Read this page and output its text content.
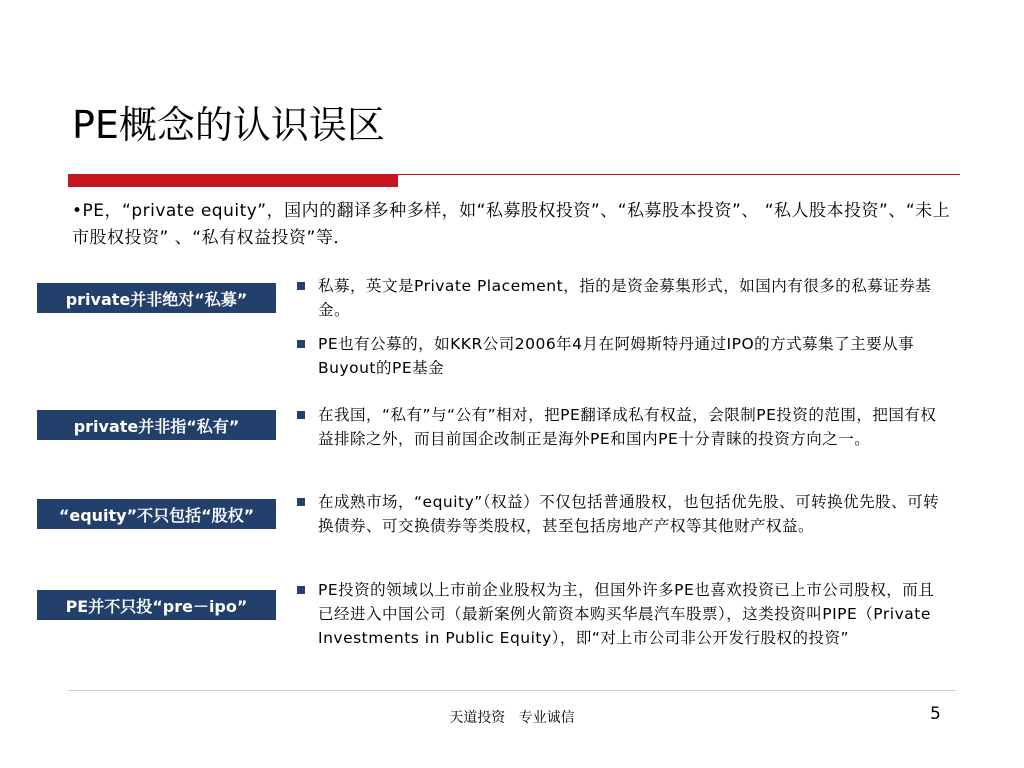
PE概念的认识误区
•PE，“private equity”，国内的翻译多种多样，如“私募股权投资”、“私募股本投资”、 “私人股本投资”、“未上市股权投资” 、“私有权益投资”等．
private并非绝对“私募”
私募，英文是Private Placement，指的是资金募集形式，如国内有很多的私募证券基金。
PE也有公募的，如KKR公司2006年4月在阿姆斯特丹通过IPO的方式募集了主要从事Buyout的PE基金
private并非指“私有”
在我国，“私有”与“公有”相对，把PE翻译成私有权益，会限制PE投资的范围，把国有权益排除之外，而目前国企改制正是海外PE和国内PE十分青睐的投资方向之一。
“equity”不只包括“股权”
在成熟市场，“equity”（权益）不仅包括普通股权，也包括优先股、可转换优先股、可转换债券、可交换债券等类股权，甚至包括房地产产权等其他财产权益。
PE并不只投“pre－ipo”
PE投资的领域以上市前企业股权为主，但国外许多PE也喜欢投资已上市公司股权，而且已经进入中国公司（最新案例火箭资本购买华晨汽车股票），这类投资叫PIPE（Private Investments in Public Equity），即“对上市公司非公开发行股权的投资”
天道投资   专业诚信	5
